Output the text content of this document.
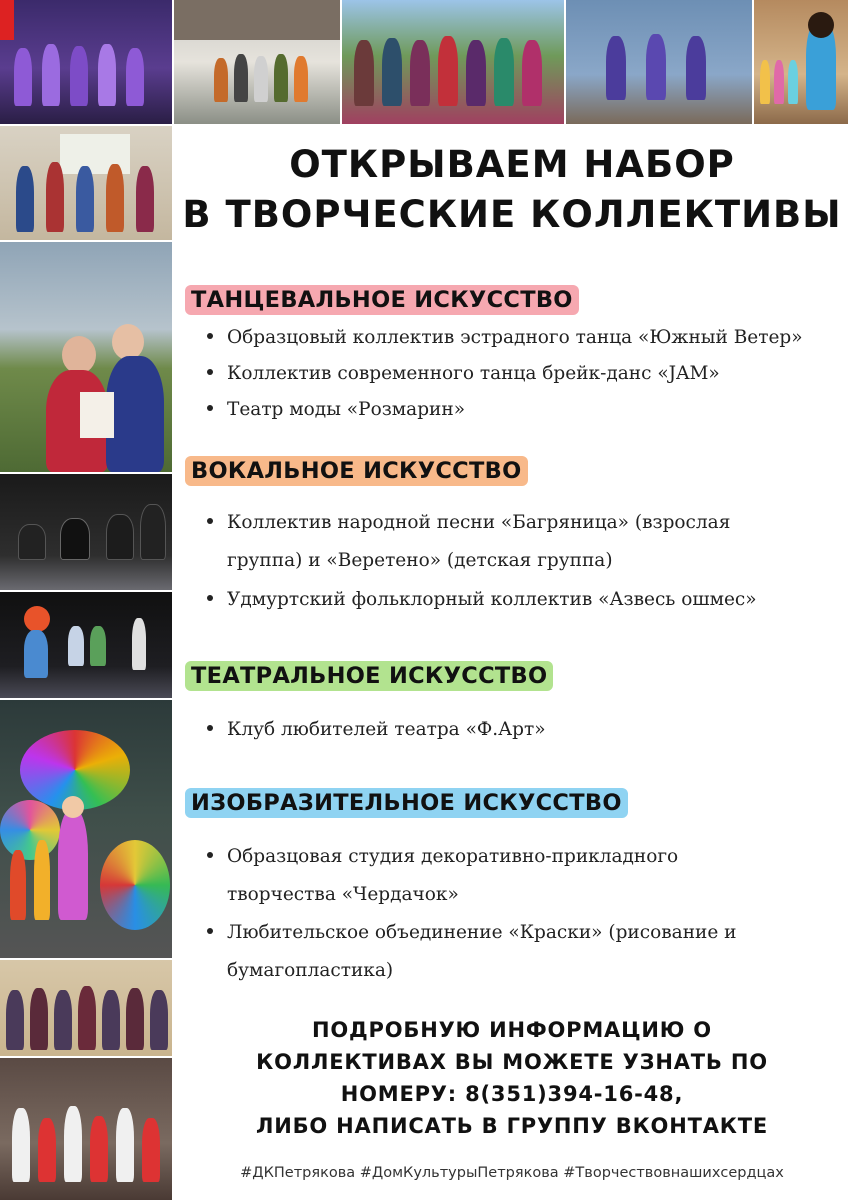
ОТКРЫВАЕМ НАБОР
В ТВОРЧЕСКИЕ КОЛЛЕКТИВЫ
ТАНЦЕВАЛЬНОЕ ИСКУССТВО
Образцовый коллектив эстрадного танца «Южный Ветер»
Коллектив современного танца брейк-данс «JAM»
Театр моды «Розмарин»
ВОКАЛЬНОЕ ИСКУССТВО
Коллектив народной песни «Багряница» (взрослая
группа) и «Веретено» (детская группа)
Удмуртский фольклорный коллектив «Азвесь ошмес»
ТЕАТРАЛЬНОЕ ИСКУССТВО
Клуб любителей театра «Ф.Арт»
ИЗОБРАЗИТЕЛЬНОЕ ИСКУССТВО
Образцовая студия декоративно-прикладного
творчества «Чердачок»
Любительское объединение «Краски» (рисование и
бумагопластика)
ПОДРОБНУЮ ИНФОРМАЦИЮ О
КОЛЛЕКТИВАХ ВЫ МОЖЕТЕ УЗНАТЬ ПО
НОМЕРУ: 8(351)394-16-48,
ЛИБО НАПИСАТЬ В ГРУППУ ВКОНТАКТЕ
#ДКПетрякова #ДомКультурыПетрякова #Творчествовнашихсердцах
